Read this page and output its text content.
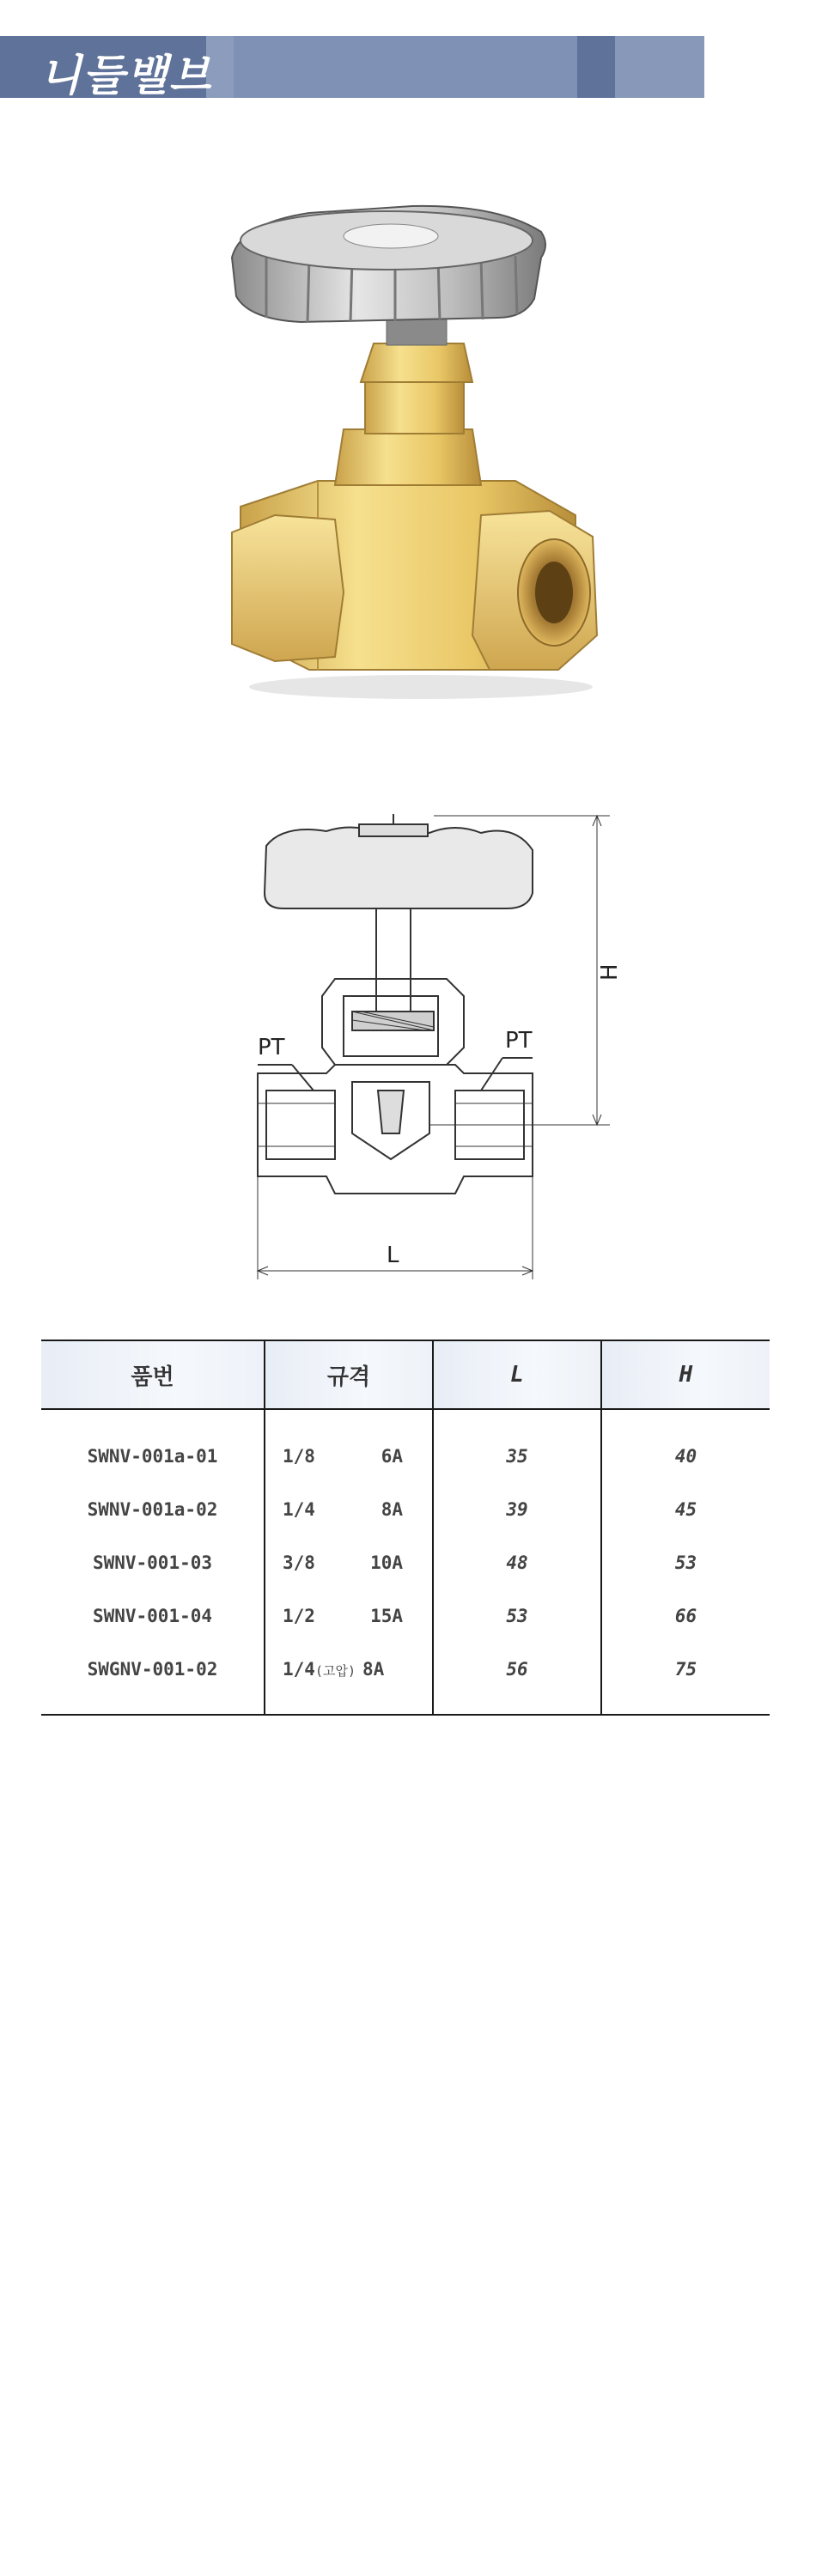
니들밸브
PT	PT
H
L
품번	규격	L	H
SWNV-001a-01	1/8 6A	35	40
SWNV-001a-02	1/4 8A	39	45
SWNV-001-03	3/8 10A	48	53
SWNV-001-04	1/2 15A	53	66
SWGNV-001-02	1/4(고압) 8A	56	75
